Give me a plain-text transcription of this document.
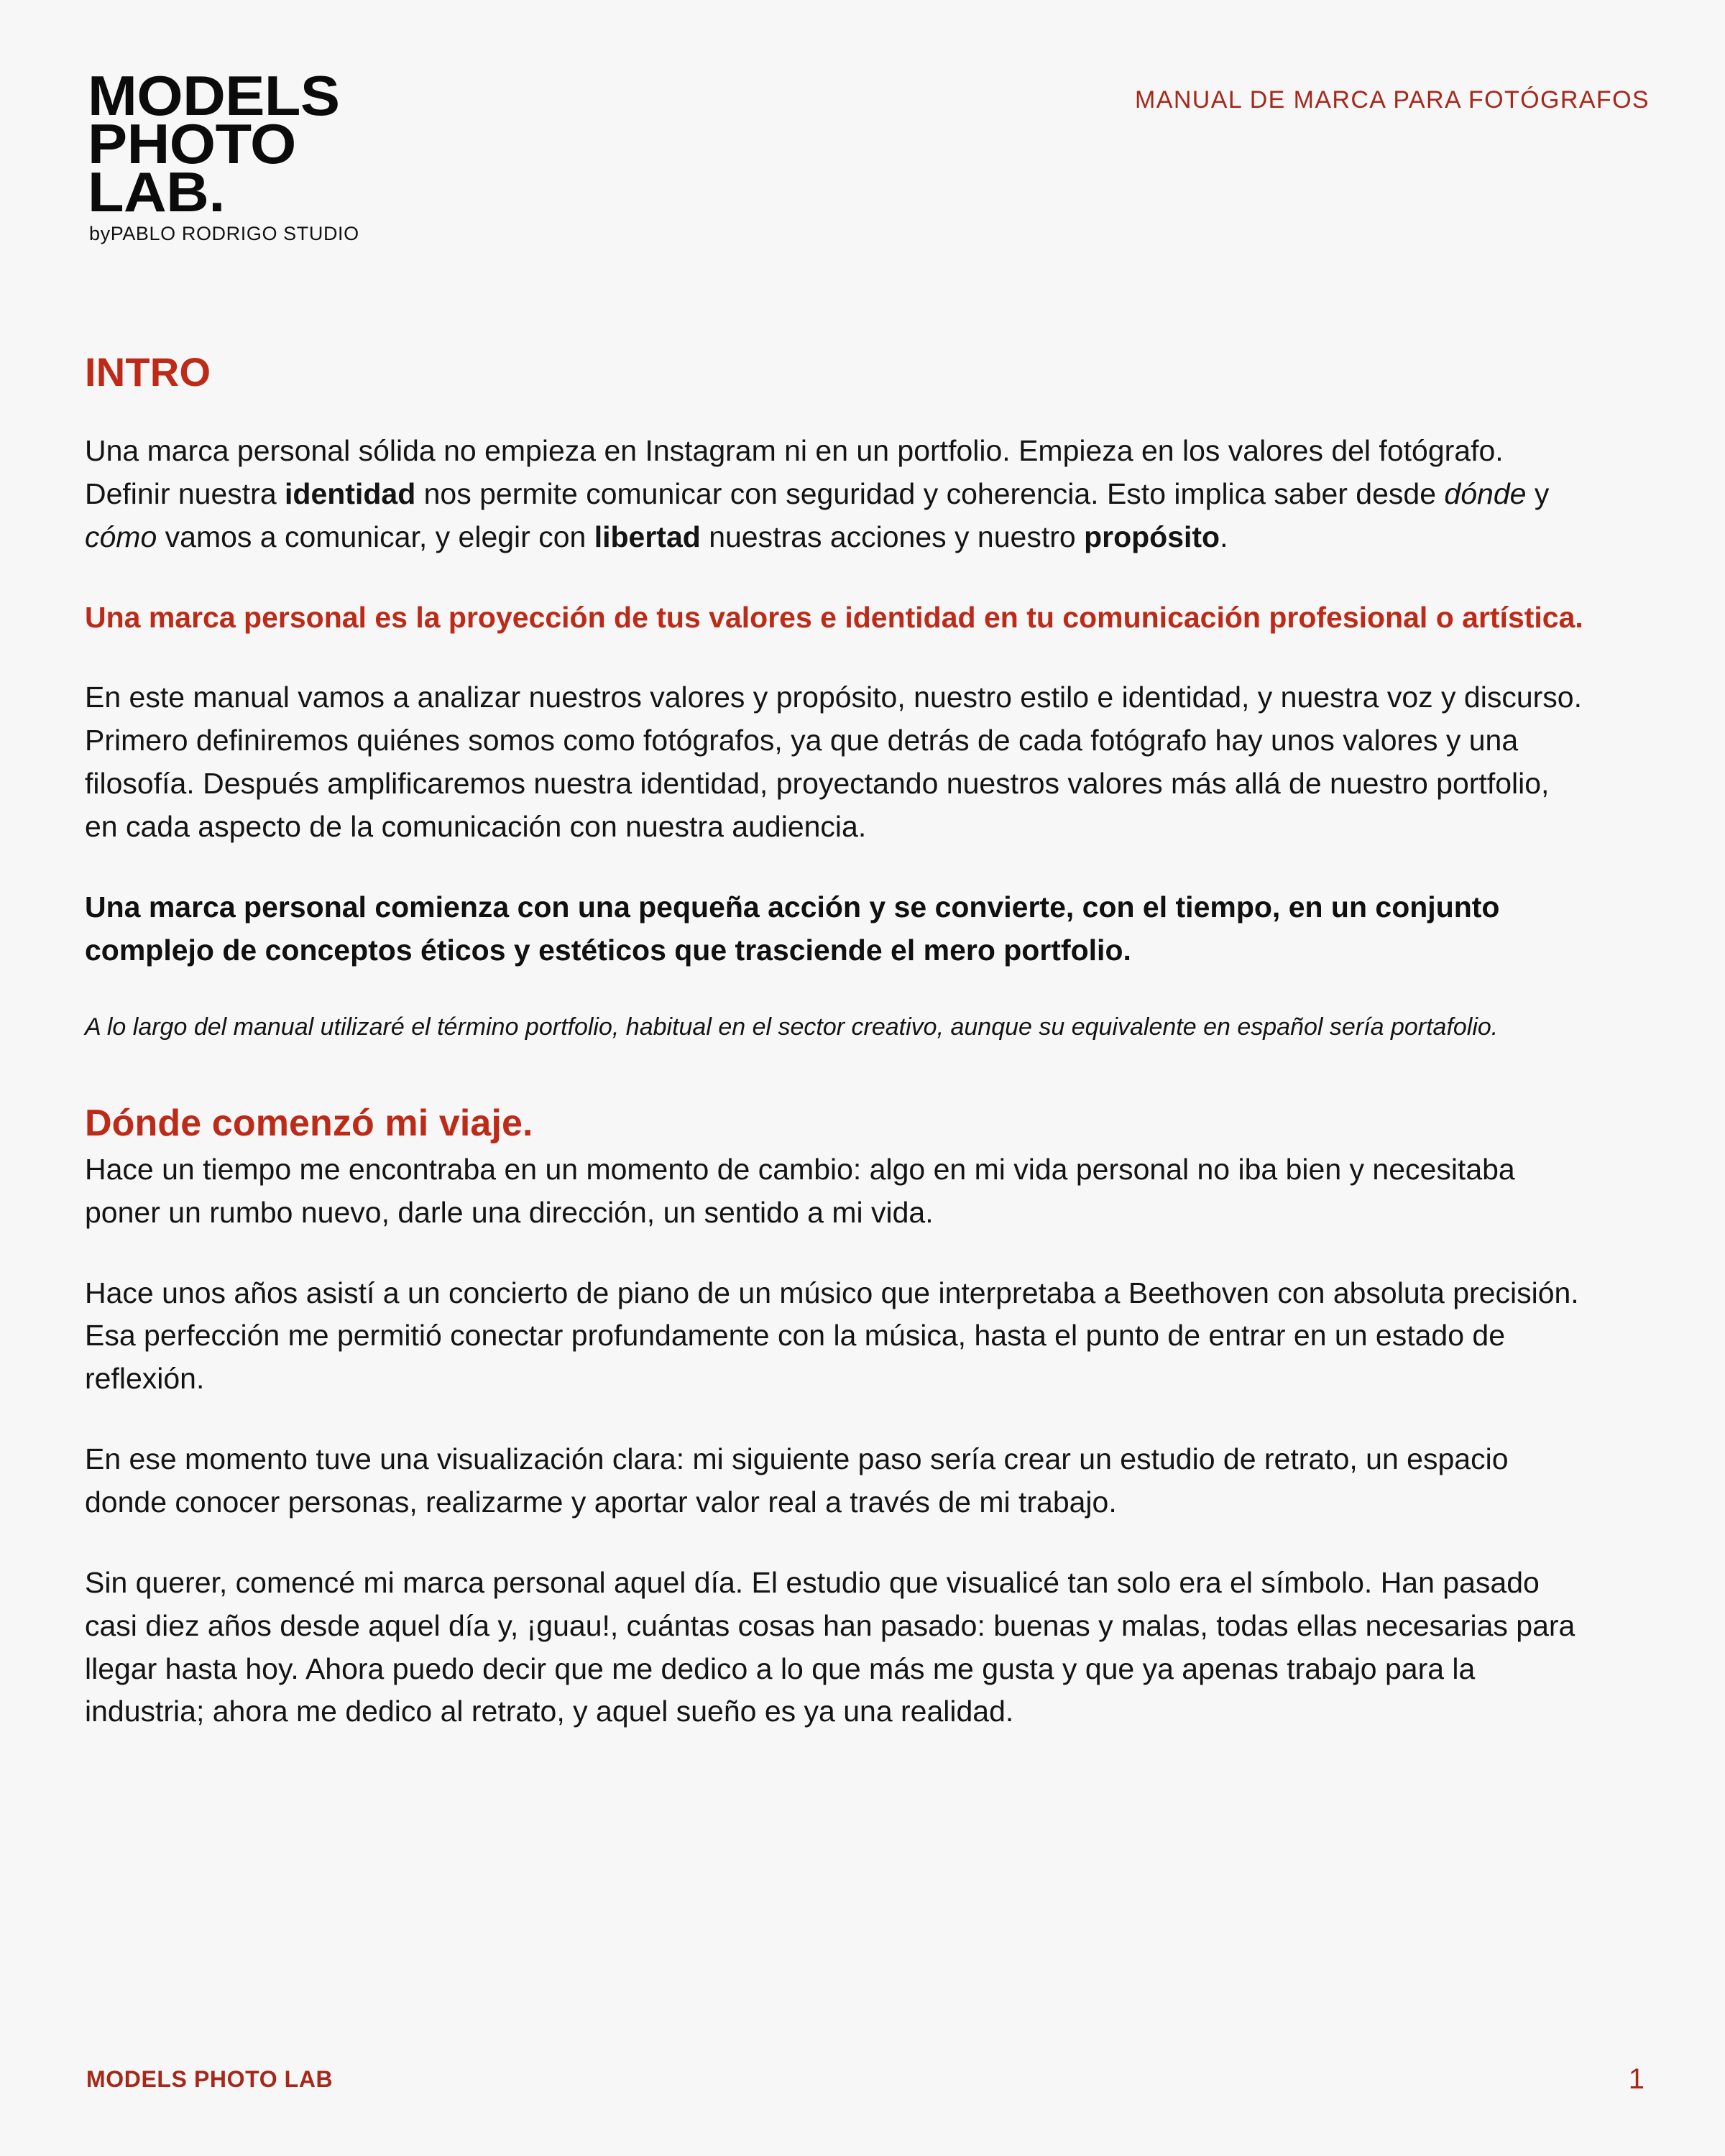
MODELS
PHOTO
LAB.
byPABLO RODRIGO STUDIO
MANUAL DE MARCA PARA FOTÓGRAFOS
INTRO

Una marca personal sólida no empieza en Instagram ni en un portfolio. Empieza en los valores del fotógrafo. Definir nuestra identidad nos permite comunicar con seguridad y coherencia. Esto implica saber desde dónde y cómo vamos a comunicar, y elegir con libertad nuestras acciones y nuestro propósito.

Una marca personal es la proyección de tus valores e identidad en tu comunicación profesional o artística.

En este manual vamos a analizar nuestros valores y propósito, nuestro estilo e identidad, y nuestra voz y discurso. Primero definiremos quiénes somos como fotógrafos, ya que detrás de cada fotógrafo hay unos valores y una filosofía. Después amplificaremos nuestra identidad, proyectando nuestros valores más allá de nuestro portfolio, en cada aspecto de la comunicación con nuestra audiencia.

Una marca personal comienza con una pequeña acción y se convierte, con el tiempo, en un conjunto complejo de conceptos éticos y estéticos que trasciende el mero portfolio.

A lo largo del manual utilizaré el término portfolio, habitual en el sector creativo, aunque su equivalente en español sería portafolio.

Dónde comenzó mi viaje.

Hace un tiempo me encontraba en un momento de cambio: algo en mi vida personal no iba bien y necesitaba poner un rumbo nuevo, darle una dirección, un sentido a mi vida.

Hace unos años asistí a un concierto de piano de un músico que interpretaba a Beethoven con absoluta precisión. Esa perfección me permitió conectar profundamente con la música, hasta el punto de entrar en un estado de reflexión.

En ese momento tuve una visualización clara: mi siguiente paso sería crear un estudio de retrato, un espacio donde conocer personas, realizarme y aportar valor real a través de mi trabajo.

Sin querer, comencé mi marca personal aquel día. El estudio que visualicé tan solo era el símbolo. Han pasado casi diez años desde aquel día y, ¡guau!, cuántas cosas han pasado: buenas y malas, todas ellas necesarias para llegar hasta hoy. Ahora puedo decir que me dedico a lo que más me gusta y que ya apenas trabajo para la industria; ahora me dedico al retrato, y aquel sueño es ya una realidad.

MODELS PHOTO LAB	1
